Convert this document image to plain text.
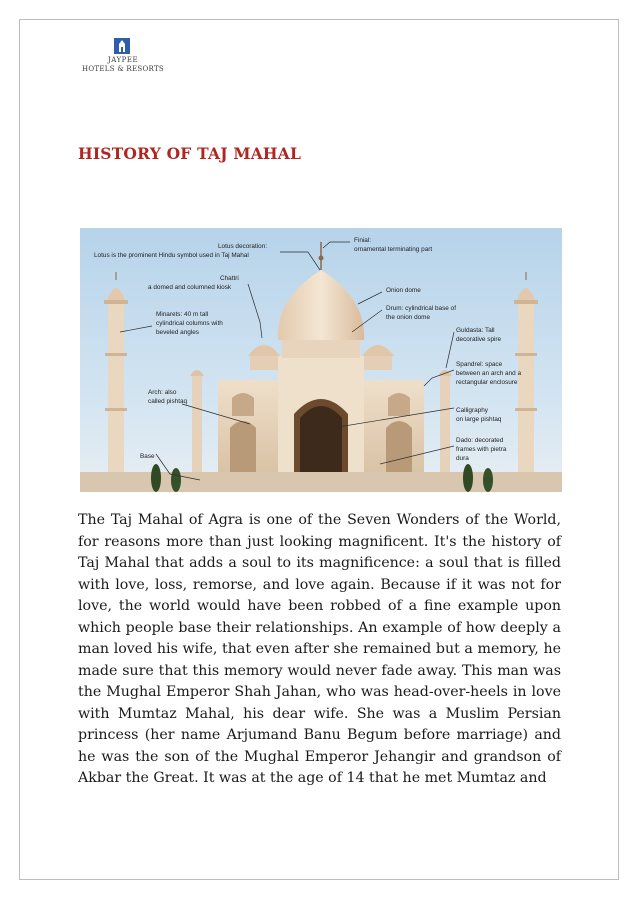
JAYPEE
HOTELS & RESORTS
HISTORY OF TAJ MAHAL
Lotus decoration:
Lotus is the prominent Hindu symbol used in Taj Mahal
Finial:
ornamental terminating part
Chattri
a domed and columned kiosk	Onion dome
Drum: cylindrical base of
the onion dome
Minarets: 40 m tall
cylindrical columns with
beveled angles	Guldasta: Tall
decorative spire
Spandrel: space
between an arch and a
rectangular enclosure
Arch: also
called pishtaq
Calligraphy
on large pishtaq
Dado: decorated
frames with pietra
dura
Base

The Taj Mahal of Agra is one of the Seven Wonders of the World, for reasons more than just looking magnificent. It's the history of Taj Mahal that adds a soul to its magnificence: a soul that is filled with love, loss, remorse, and love again. Because if it was not for love, the world would have been robbed of a fine example upon which people base their relationships. An example of how deeply a man loved his wife, that even after she remained but a memory, he made sure that this memory would never fade away. This man was the Mughal Emperor Shah Jahan, who was head-over-heels in love with Mumtaz Mahal, his dear wife. She was a Muslim Persian princess (her name Arjumand Banu Begum before marriage) and he was the son of the Mughal Emperor Jehangir and grandson of Akbar the Great. It was at the age of 14 that he met Mumtaz and
